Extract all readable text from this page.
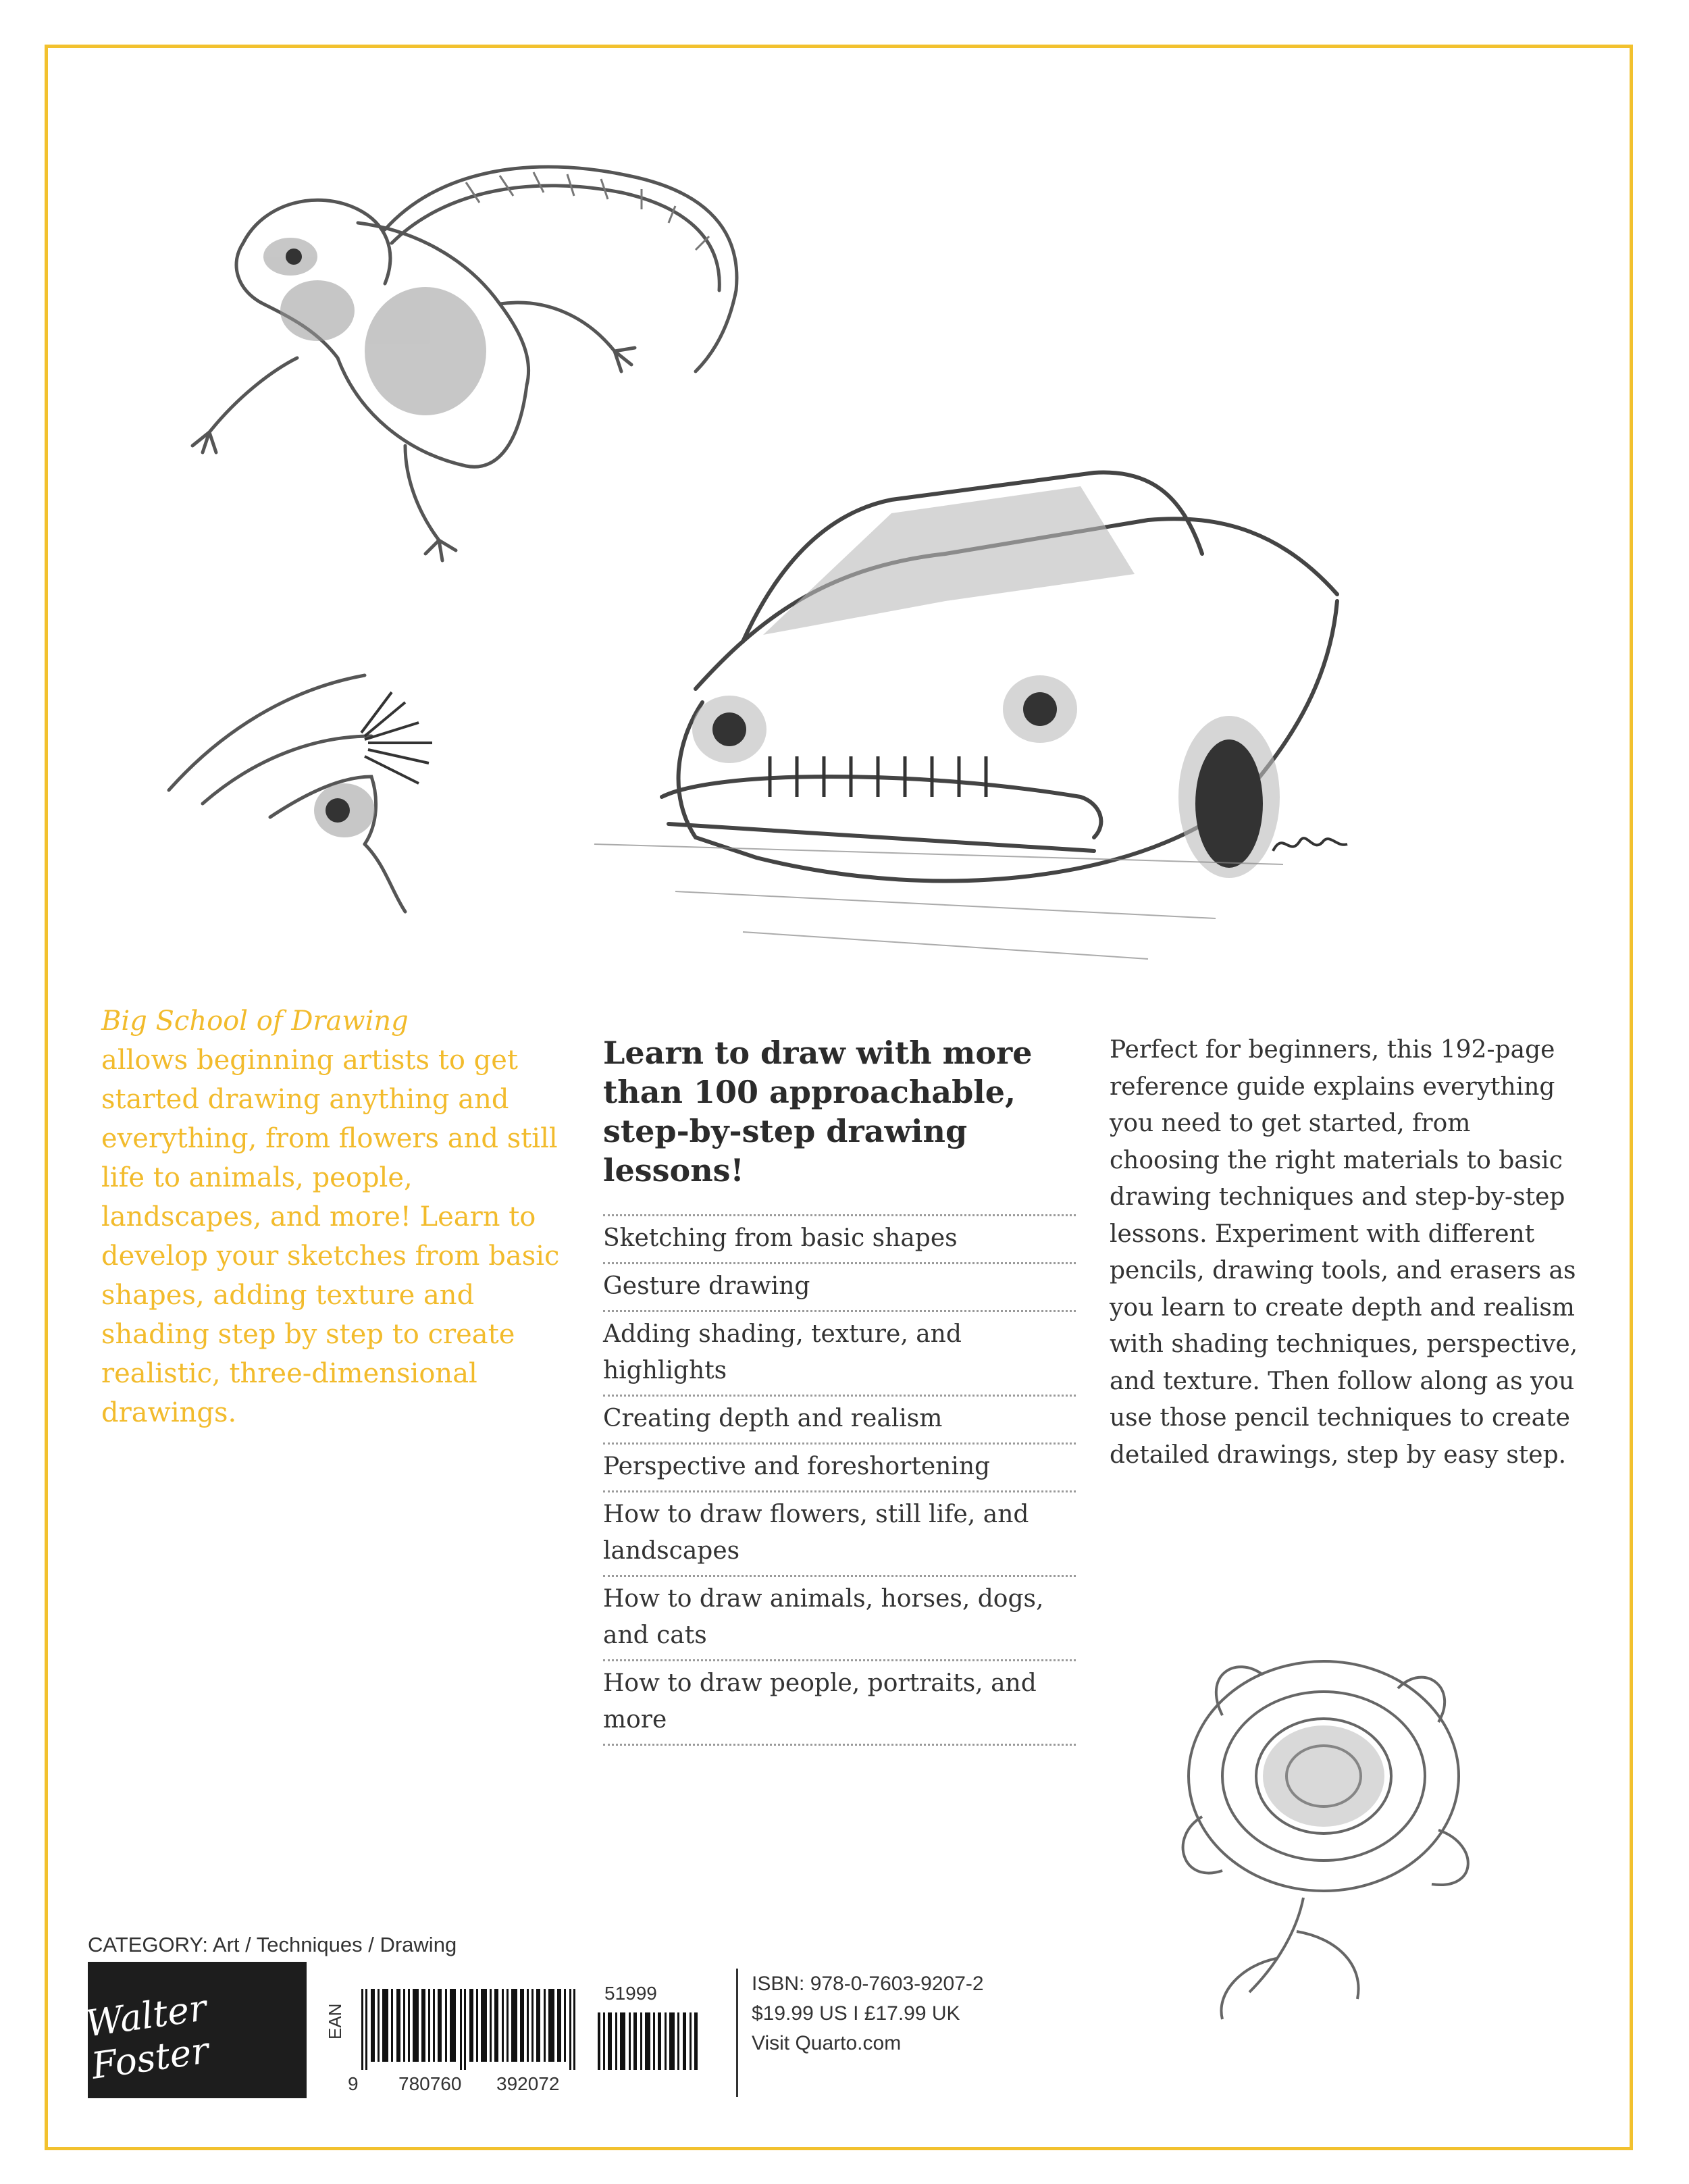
Big School of Drawing
allows beginning artists to get started drawing anything and everything, from flowers and still life to animals, people, landscapes, and more! Learn to develop your sketches from basic shapes, adding texture and shading step by step to create realistic, three-dimensional drawings.
Learn to draw with more than 100 approachable, step-by-step drawing lessons!
Sketching from basic shapes
Gesture drawing
Adding shading, texture, and highlights
Creating depth and realism
Perspective and foreshortening
How to draw flowers, still life, and landscapes
How to draw animals, horses, dogs, and cats
How to draw people, portraits, and more
Perfect for beginners, this 192-page reference guide explains everything you need to get started, from choosing the right materials to basic drawing techniques and step-by-step lessons. Experiment with different pencils, drawing tools, and erasers as you learn to create depth and realism with shading techniques, perspective, and texture. Then follow along as you use those pencil techniques to create detailed drawings, step by easy step.
CATEGORY: Art / Techniques / Drawing
Walter Foster
EAN
9 780760 392072
51999	ISBN: 978-0-7603-9207-2
$19.99 US I £17.99 UK
Visit Quarto.com
